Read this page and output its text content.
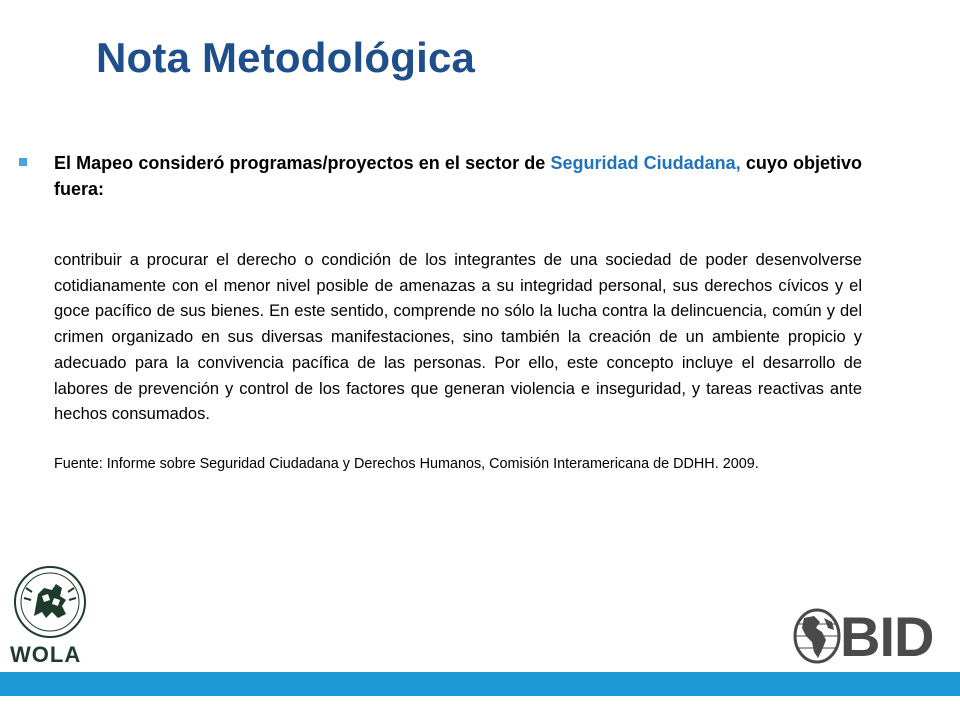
Nota Metodológica
El Mapeo consideró programas/proyectos en el sector de Seguridad Ciudadana, cuyo objetivo fuera:

contribuir a procurar el derecho o condición de los integrantes de una sociedad de poder desenvolverse cotidianamente con el menor nivel posible de amenazas a su integridad personal, sus derechos cívicos y el goce pacífico de sus bienes. En este sentido, comprende no sólo la lucha contra la delincuencia, común y del crimen organizado en sus diversas manifestaciones, sino también la creación de un ambiente propicio y adecuado para la convivencia pacífica de las personas. Por ello, este concepto incluye el desarrollo de labores de prevención y control de los factores que generan violencia e inseguridad, y tareas reactivas ante hechos consumados.

Fuente: Informe sobre Seguridad Ciudadana y Derechos Humanos, Comisión Interamericana de DDHH. 2009.

WOLA	BID
